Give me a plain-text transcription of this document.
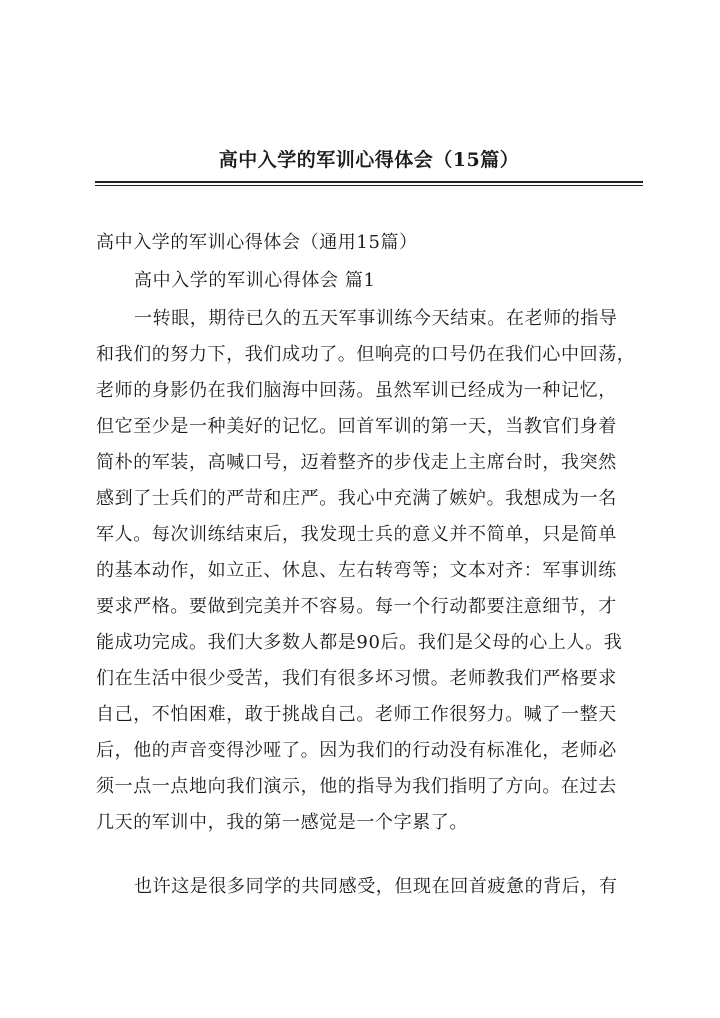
高中入学的军训心得体会（15篇）
高中入学的军训心得体会（通用15篇）
高中入学的军训心得体会 篇1
一转眼，期待已久的五天军事训练今天结束。在老师的指导
和我们的努力下，我们成功了。但响亮的口号仍在我们心中回荡，
老师的身影仍在我们脑海中回荡。虽然军训已经成为一种记忆，
但它至少是一种美好的记忆。回首军训的第一天，当教官们身着
简朴的军装，高喊口号，迈着整齐的步伐走上主席台时，我突然
感到了士兵们的严苛和庄严。我心中充满了嫉妒。我想成为一名
军人。每次训练结束后，我发现士兵的意义并不简单，只是简单
的基本动作，如立正、休息、左右转弯等；文本对齐：军事训练
要求严格。要做到完美并不容易。每一个行动都要注意细节，才
能成功完成。我们大多数人都是90后。我们是父母的心上人。我
们在生活中很少受苦，我们有很多坏习惯。老师教我们严格要求
自己，不怕困难，敢于挑战自己。老师工作很努力。喊了一整天
后，他的声音变得沙哑了。因为我们的行动没有标准化，老师必
须一点一点地向我们演示，他的指导为我们指明了方向。在过去
几天的军训中，我的第一感觉是一个字累了。
也许这是很多同学的共同感受，但现在回首疲惫的背后，有
